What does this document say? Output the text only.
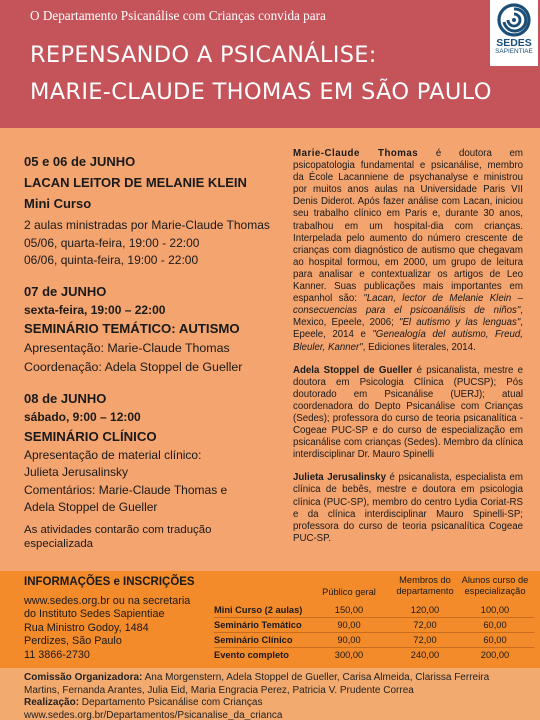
O Departamento Psicanálise com Crianças convida para
REPENSANDO A PSICANÁLISE:
MARIE-CLAUDE THOMAS EM SÃO PAULO
SEDES
SAPIENTIAE
05 e 06 de JUNHO
LACAN LEITOR DE MELANIE KLEIN
Mini Curso
2 aulas ministradas por Marie-Claude Thomas
05/06, quarta-feira, 19:00 - 22:00
06/06, quinta-feira, 19:00 - 22:00
07 de JUNHO
sexta-feira, 19:00 – 22:00
SEMINÁRIO TEMÁTICO: AUTISMO
Apresentação: Marie-Claude Thomas
Coordenação: Adela Stoppel de Gueller
08 de JUNHO
sábado, 9:00 – 12:00
SEMINÁRIO CLÍNICO
Apresentação de material clínico:
Julieta Jerusalinsky
Comentários: Marie-Claude Thomas e
Adela Stoppel de Gueller
As atividades contarão com tradução especializada

Marie-Claude Thomas é doutora em psicopatologia fundamental e psicanálise, membro da École Lacanniene de psychanalyse e ministrou por muitos anos aulas na Universidade Paris VII Denis Diderot. Após fazer análise com Lacan, iniciou seu trabalho clínico em Paris e, durante 30 anos, trabalhou em um hospital-dia com crianças. Interpelada pelo aumento do número crescente de crianças com diagnóstico de autismo que chegavam ao hospital formou, em 2000, um grupo de leitura para analisar e contextualizar os artigos de Leo Kanner. Suas publicações mais importantes em espanhol são: "Lacan, lector de Melanie Klein – consecuencias para el psicoanálisis de niños", Mexico, Epeele, 2006; "El autismo y las lenguas", Epeele, 2014 e "Genealogía del autismo, Freud, Bleuler, Kanner", Ediciones literales, 2014.

Adela Stoppel de Gueller é psicanalista, mestre e doutora em Psicologia Clínica (PUCSP); Pós doutorado em Psicanálise (UERJ); atual coordenadora do Depto Psicanálise com Crianças (Sedes); professora do curso de teoria psicanalítica - Cogeae PUC-SP e do curso de especialização em psicanálise com crianças (Sedes). Membro da clínica interdisciplinar Dr. Mauro Spinelli

Julieta Jerusalinsky é psicanalista, especialista em clínica de bebês, mestre e doutora em psicologia clínica (PUC-SP), membro do centro Lydia Coriat-RS e da clínica interdisciplinar Mauro Spinelli-SP; professora do curso de teoria psicanalítica Cogeae PUC-SP.

INFORMAÇÕES e INSCRIÇÕES
www.sedes.org.br ou na secretaria
do Instituto Sedes Sapientiae
Rua Ministro Godoy, 1484
Perdizes, São Paulo
11 3866-2730
Público geral
Membros do
departamento
Alunos curso de
especialização
Mini Curso (2 aulas)	150,00	120,00	100,00
Seminário Temático	90,00	72,00	60,00
Seminário Clínico	90,00	72,00	60,00
Evento completo	300,00	240,00	200,00
Comissão Organizadora: Ana Morgenstern, Adela Stoppel de Gueller, Carisa Almeida, Clarissa Ferreira Martins, Fernanda Arantes, Julia Eid, Maria Engracia Perez, Patricia V. Prudente Correa
Realização: Departamento Psicanálise com Criançaswww.sedes.org.br/Departamentos/Psicanalise_da_crianca
